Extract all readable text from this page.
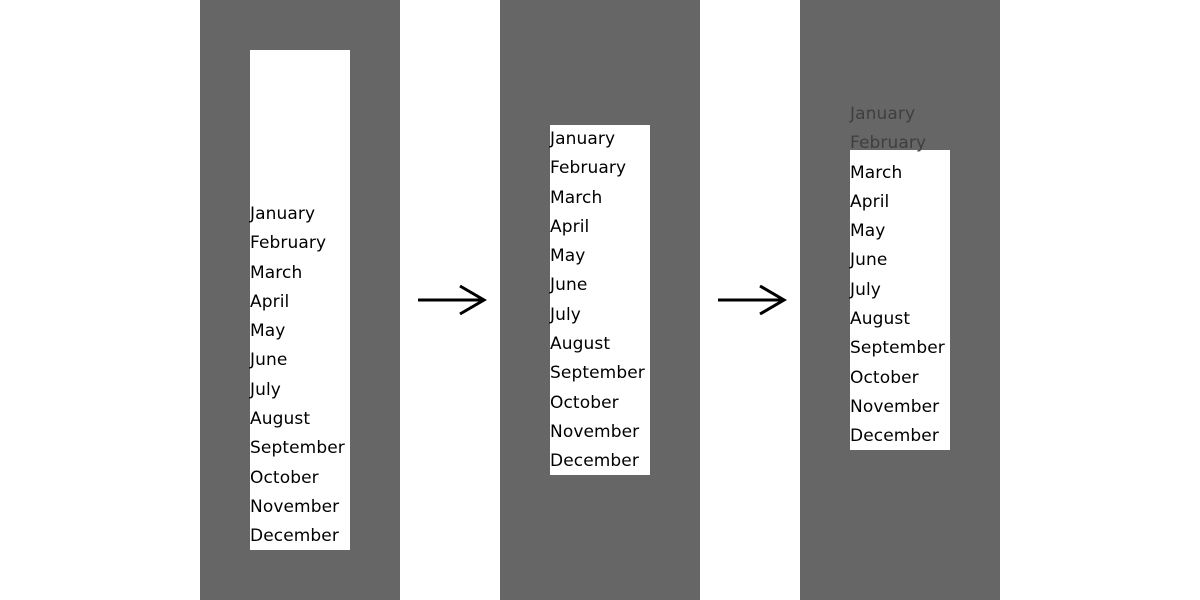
January
February
March
April
May
June
July
August
September
October
November
December
January
February
March
April
May
June
July
August
September
October
November
December
January
February
March
April
May
June
July
August
September
October
November
December
